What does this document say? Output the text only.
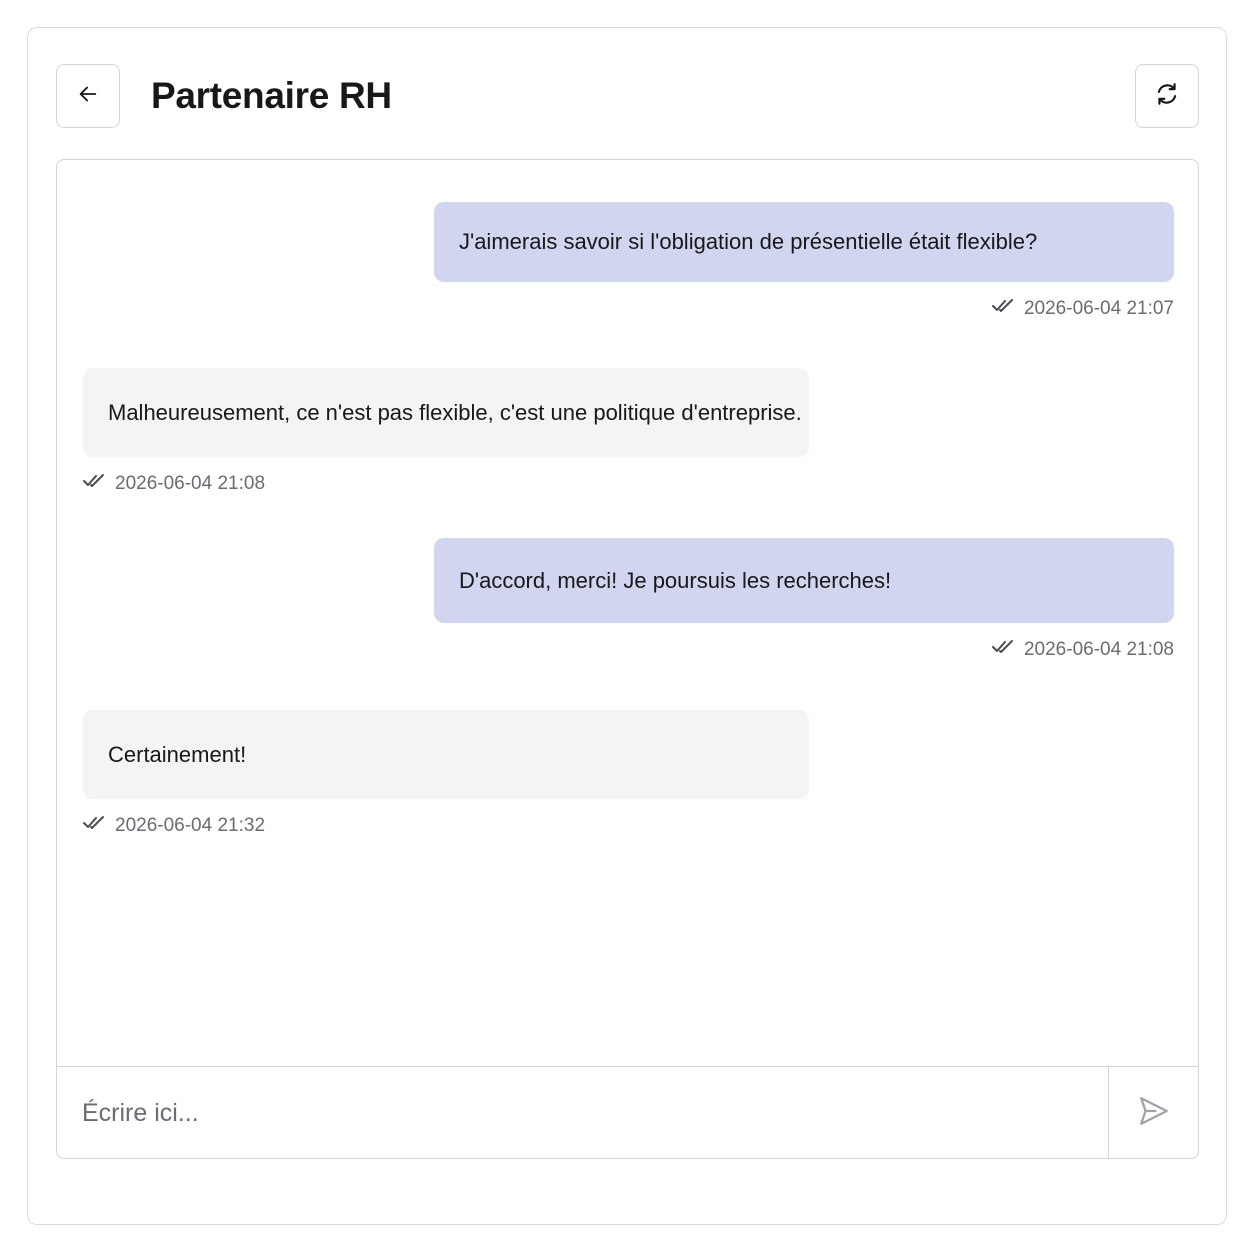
Partenaire RH
J'aimerais savoir si l'obligation de présentielle était flexible?
2026-06-04 21:07
Malheureusement, ce n'est pas flexible, c'est une politique d'entreprise.
2026-06-04 21:08
D'accord, merci! Je poursuis les recherches!
2026-06-04 21:08
Certainement!
2026-06-04 21:32
Écrire ici...
